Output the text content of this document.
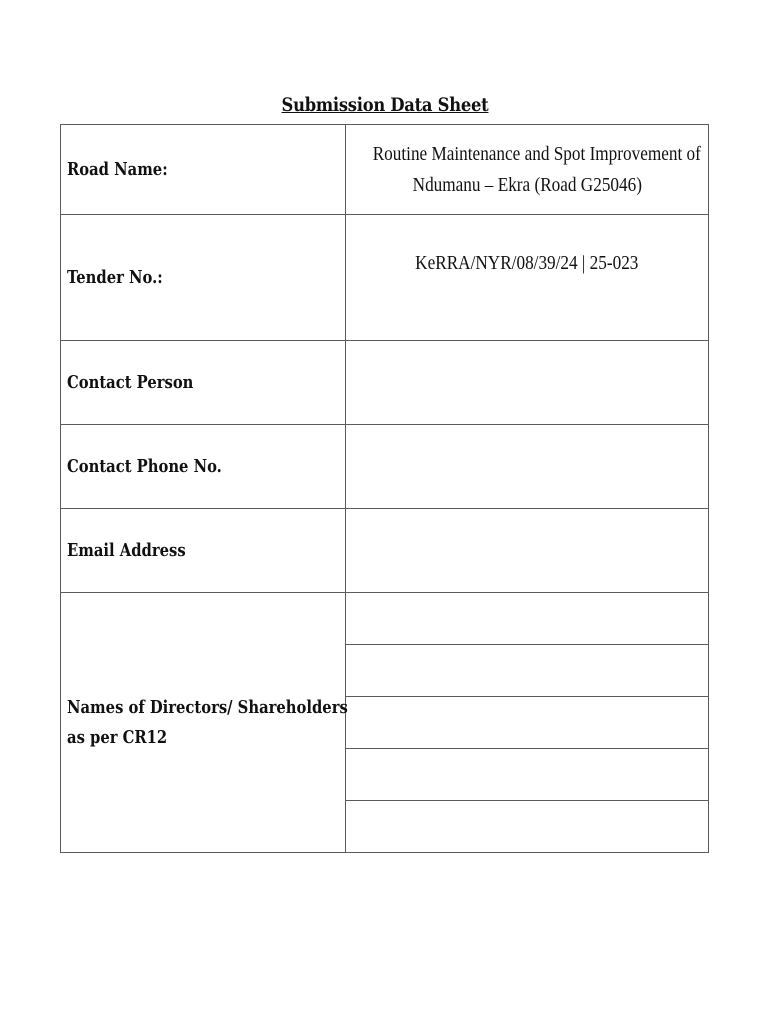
Submission Data Sheet
Road Name:	Routine Maintenance and Spot Improvement of
Ndumanu – Ekra (Road G25046)

Tender No.:	KeRRA/NYR/08/39/24 | 25-023
Contact Person	
Contact Phone No.	
Email Address	

Names of Directors/ Shareholders
as per CR12	
